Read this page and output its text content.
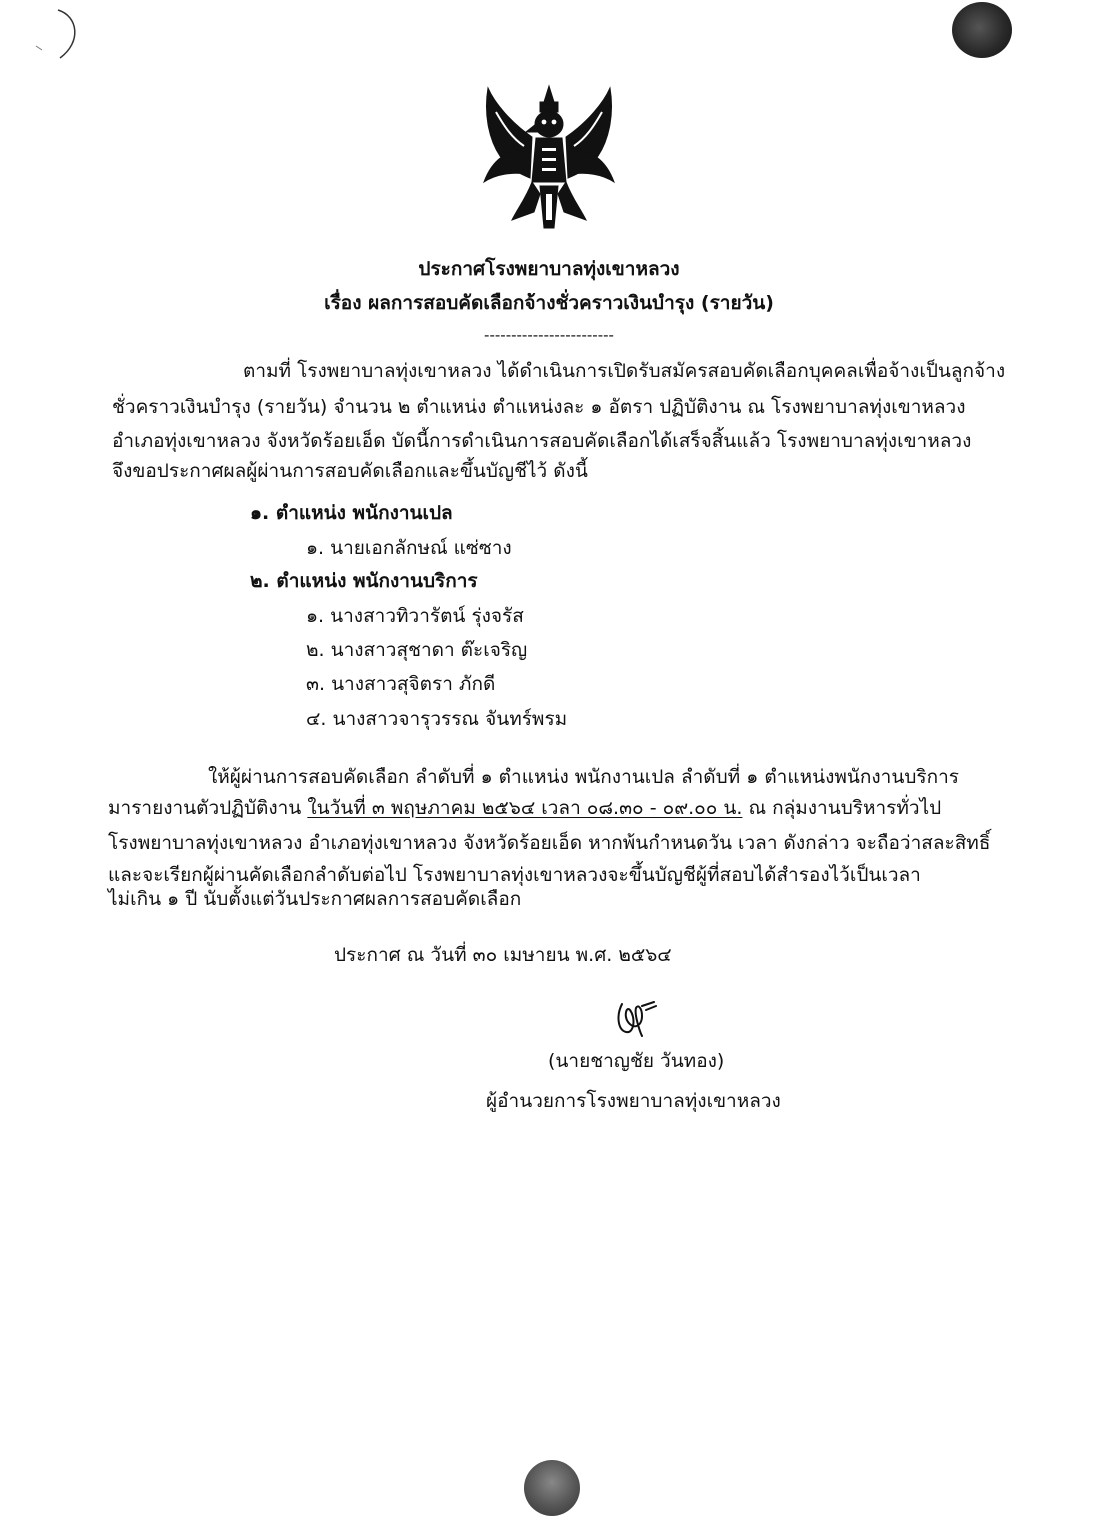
ประกาศโรงพยาบาลทุ่งเขาหลวง
เรื่อง ผลการสอบคัดเลือกจ้างชั่วคราวเงินบำรุง (รายวัน)
------------------------
ตามที่ โรงพยาบาลทุ่งเขาหลวง ได้ดำเนินการเปิดรับสมัครสอบคัดเลือกบุคคลเพื่อจ้างเป็นลูกจ้าง
ชั่วคราวเงินบำรุง (รายวัน) จำนวน ๒ ตำแหน่ง ตำแหน่งละ ๑ อัตรา ปฏิบัติงาน ณ โรงพยาบาลทุ่งเขาหลวง
อำเภอทุ่งเขาหลวง จังหวัดร้อยเอ็ด บัดนี้การดำเนินการสอบคัดเลือกได้เสร็จสิ้นแล้ว โรงพยาบาลทุ่งเขาหลวง
จึงขอประกาศผลผู้ผ่านการสอบคัดเลือกและขึ้นบัญชีไว้ ดังนี้
๑. ตำแหน่ง พนักงานเปล
๑. นายเอกลักษณ์ แซ่ซาง
๒. ตำแหน่ง พนักงานบริการ
๑. นางสาวทิวารัตน์ รุ่งจรัส
๒. นางสาวสุชาดา ต๊ะเจริญ
๓. นางสาวสุจิตรา ภักดี
๔. นางสาวจารุวรรณ จันทร์พรม
ให้ผู้ผ่านการสอบคัดเลือก ลำดับที่ ๑ ตำแหน่ง พนักงานเปล ลำดับที่ ๑ ตำแหน่งพนักงานบริการ
มารายงานตัวปฏิบัติงาน ในวันที่ ๓ พฤษภาคม ๒๕๖๔ เวลา ๐๘.๓๐ - ๐๙.๐๐ น. ณ กลุ่มงานบริหารทั่วไป
โรงพยาบาลทุ่งเขาหลวง อำเภอทุ่งเขาหลวง จังหวัดร้อยเอ็ด หากพ้นกำหนดวัน เวลา ดังกล่าว จะถือว่าสละสิทธิ์
และจะเรียกผู้ผ่านคัดเลือกลำดับต่อไป โรงพยาบาลทุ่งเขาหลวงจะขึ้นบัญชีผู้ที่สอบได้สำรองไว้เป็นเวลา
ไม่เกิน ๑ ปี นับตั้งแต่วันประกาศผลการสอบคัดเลือก
ประกาศ ณ วันที่ ๓๐ เมษายน พ.ศ. ๒๕๖๔
(นายชาญชัย วันทอง)
ผู้อำนวยการโรงพยาบาลทุ่งเขาหลวง
